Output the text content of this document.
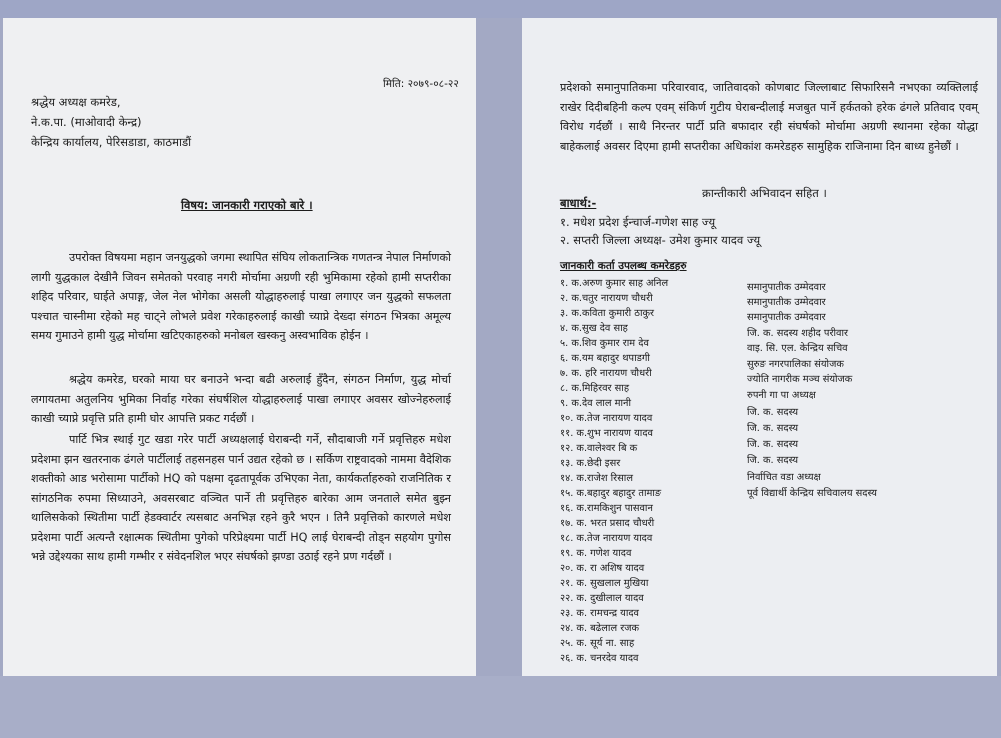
मिति: २०७९-०८-२२
श्रद्धेय अध्यक्ष कमरेड,
ने.क.पा. (माओवादी केन्द्र)
केन्द्रिय कार्यालय, पेरिसडाडा, काठमाडौं
विषय: जानकारी गराएको बारे ।
उपरोक्त विषयमा महान जनयुद्धको जगमा स्थापित संघिय लोकतान्त्रिक गणतन्त्र नेपाल निर्माणको लागी युद्धकाल देखीनै जिवन समेतको परवाह नगरी मोर्चामा अग्रणी रही भुमिकामा रहेको हामी सप्तरीका शहिद परिवार, घाईते अपाङ्ग, जेल नेल भोगेका असली योद्धाहरुलाई पाखा लगाएर जन युद्धको सफलता पश्चात चास्नीमा रहेको मह चाट्ने लोभले प्रवेश गरेकाहरुलाई काखी च्याप्ने देख्दा संगठन भित्रका अमूल्य समय गुमाउने हामी युद्ध मोर्चामा खटिएकाहरुको मनोबल खस्कनु अस्वभाविक होईन ।
श्रद्धेय कमरेड, घरको माया घर बनाउने भन्दा बढी अरुलाई हुँदैन, संगठन निर्माण, युद्ध मोर्चा लगायतमा अतुलनिय भुमिका निर्वाह गरेका संघर्षशिल योद्धाहरुलाई पाखा लगाएर अवसर खोज्नेहरुलाई काखी च्याप्ने प्रवृत्ति प्रति हामी घोर आपत्ति प्रकट गर्दछौं ।
पार्टि भित्र स्थाई गुट खडा गरेर पार्टी अध्यक्षलाई घेराबन्दी गर्ने, सौदाबाजी गर्ने प्रवृत्तिहरु मधेश प्रदेशमा झन खतरनाक ढंगले पार्टीलाई तहसनहस पार्न उद्यत रहेको छ । सर्किण राष्ट्रवादको नाममा वैदेशिक शक्तीको आड भरोसामा पार्टीको HQ को पक्षमा दृढतापूर्वक उभिएका नेता, कार्यकर्ताहरुको राजनितिक र सांगठनिक रुपमा सिध्याउने, अवसरबाट वञ्चित पार्ने ती प्रवृत्तिहरु बारेका आम जनताले समेत बुझ्न थालिसकेको स्थितीमा पार्टी हेडक्वार्टर त्यसबाट अनभिज्ञ रहने कुरै भएन । तिनै प्रवृत्तिको कारणले मधेश प्रदेशमा पार्टी अत्यन्तै रक्षात्मक स्थितीमा पुगेको परिप्रेक्ष्यमा पार्टी HQ लाई घेराबन्दी तोड्न सहयोग पुगोस भन्ने उद्देश्यका साथ हामी गम्भीर र संवेदनशिल भएर संघर्षको झण्डा उठाई रहने प्रण गर्दछौं ।
प्रदेशको समानुपातिकमा परिवारवाद, जातिवादको कोणबाट जिल्लाबाट सिफारिसनै नभएका व्यक्तिलाई राखेर दिदीबहिनी कल्प एवम् संकिर्ण गुटीय घेराबन्दीलाई मजबुत पार्ने हर्कतको हरेक ढंगले प्रतिवाद एवम् विरोध गर्दछौं । साथै निरन्तर पार्टी प्रति बफादार रही संघर्षको मोर्चामा अग्रणी स्थानमा रहेका योद्धा बाहेकलाई अवसर दिएमा हामी सप्तरीका अधिकांश कमरेडहरु सामुहिक राजिनामा दिन बाध्य हुनेछौं ।
क्रान्तीकारी अभिवादन सहित ।
बाधार्थ:-
१. मधेश प्रदेश ईन्चार्ज-गणेश साह ज्यू
२. सप्तरी जिल्ला अध्यक्ष- उमेश कुमार यादव ज्यू
जानकारी कर्ता उपलब्ध कमरेडहरु
१. क.अरुण कुमार साह अनिल
२. क.चतुर नारायण चौधरी
३. क.कविता कुमारी ठाकुर
४. क.सुख देव साह
५. क.शिव कुमार राम देव
६. क.यम बहादुर थपाडगी
७. क. हरि नारायण चौधरी
८. क.मिहिरवर साह
९. क.देव लाल मानी
१०. क.तेज नारायण यादव
११. क.शुभ नारायण यादव
१२. क.वालेश्वर बि क
१३. क.छेदी इसर
१४. क.राजेश रिसाल
१५. क.बहादुर बहादुर तामाङ
१६. क.रामकिशुन पासवान
१७. क. भरत प्रसाद चौधरी
१८. क.तेज नारायण यादव
१९. क. गणेश यादव
२०. क. रा अशिष यादव
२१. क. सुखलाल मुखिया
२२. क. दुखीलाल यादव
२३. क. रामचन्द्र यादव
२४. क. बढेलाल रजक
२५. क. सूर्य ना. साह
२६. क. चनरदेव यादव
समानुपातीक उम्मेदवार
समानुपातीक उम्मेदवार
समानुपातीक उम्मेदवार
जि. क. सदस्य शहीद परीवार
वाइ. सि. एल. केन्द्रिय सचिव
सुरुङ नगरपालिका संयोजक
ज्योति नागरीक मञ्च संयोजक
रुपनी गा पा अध्यक्ष
जि. क. सदस्य
जि. क. सदस्य
जि. क. सदस्य
जि. क. सदस्य
निर्वाचित वडा अध्यक्ष
पूर्व विद्यार्थी केन्द्रिय सचिवालय सदस्य
